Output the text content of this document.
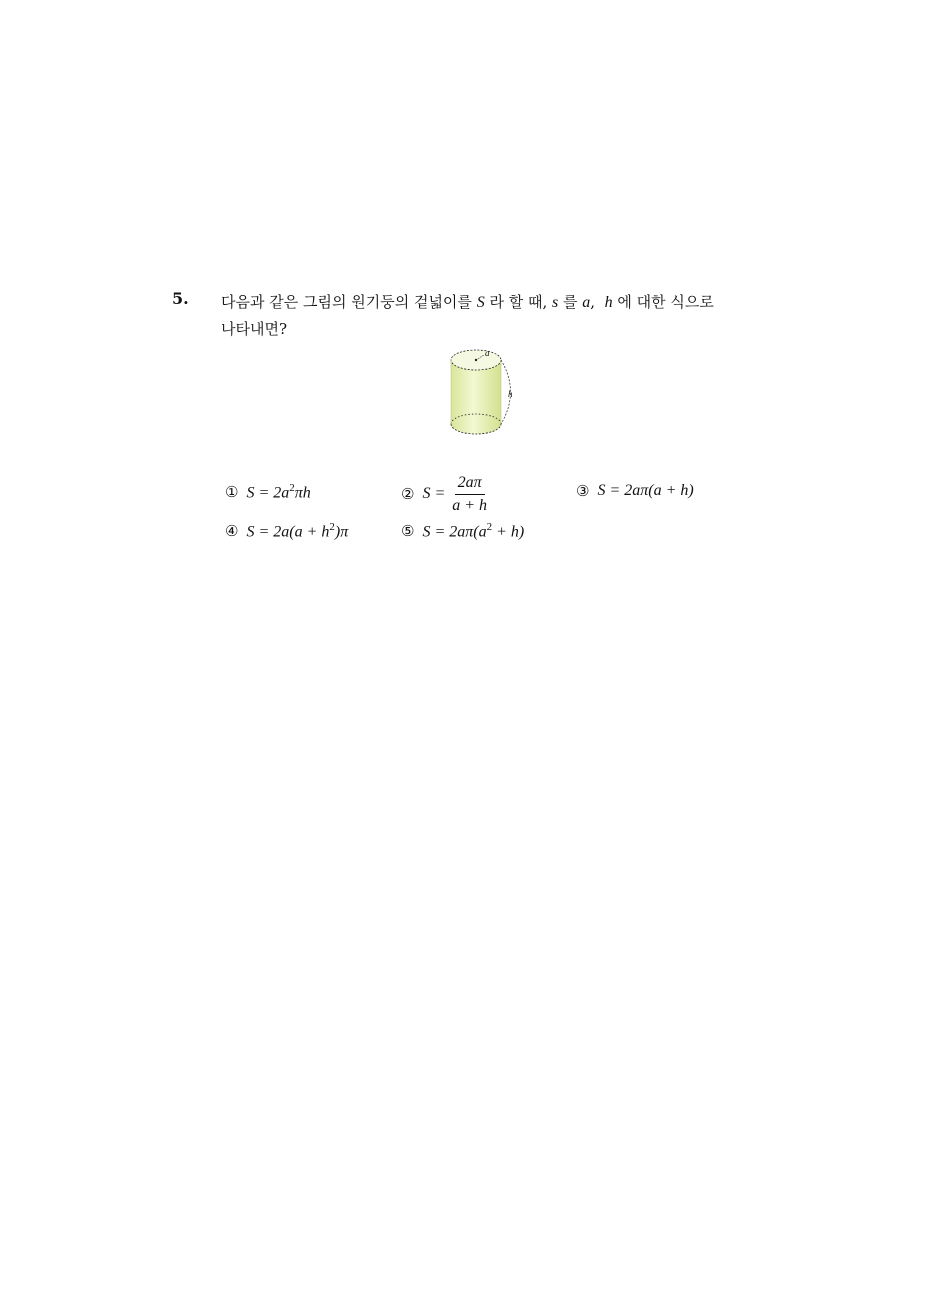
5. 다음과 같은 그림의 원기둥의 겉넓이를 S 라 할 때, s 를 a, h 에 대한 식으로
나타내면?
a
h
① $S = 2a^2\pi h$	② $S = \frac{2a\pi}{a + h}$	③ S = 2aπ(a + h)
④ $S = 2a(a + h^2)\pi$	⑤ $S = 2a\pi(a^2 + h)$
